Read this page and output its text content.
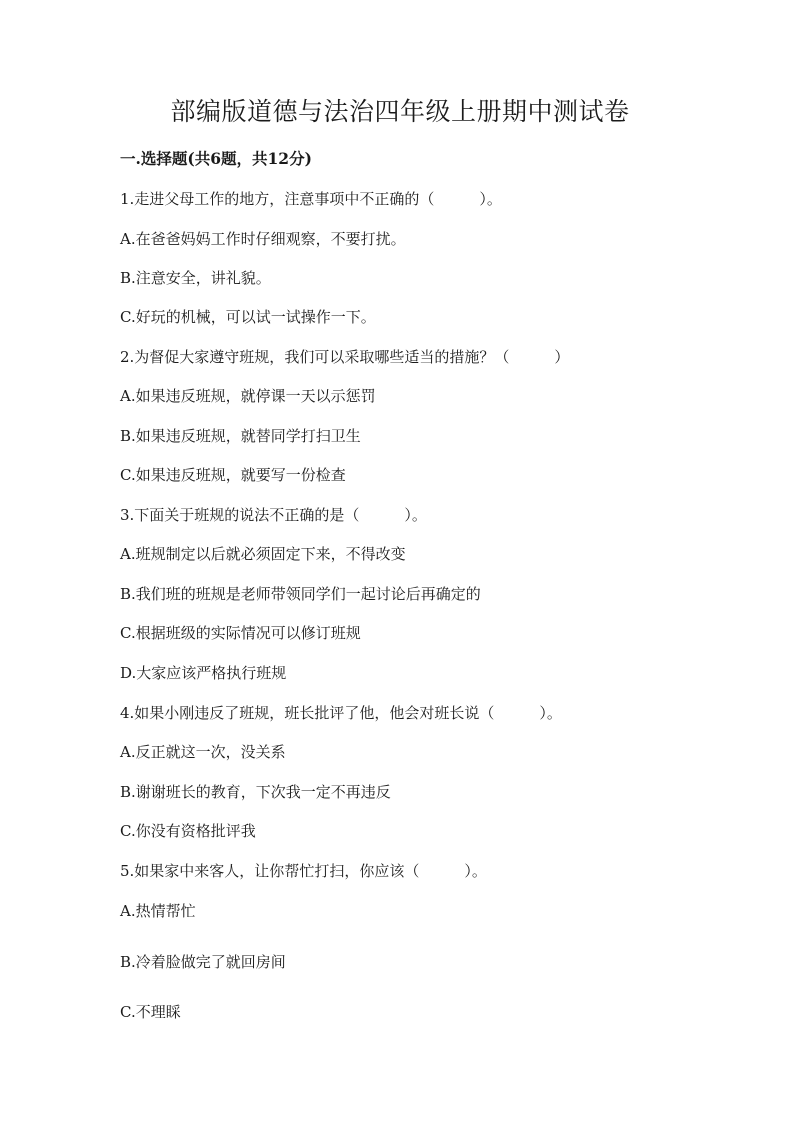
部编版道德与法治四年级上册期中测试卷
一.选择题(共6题，共12分)
1.走进父母工作的地方，注意事项中不正确的（　　　）。
A.在爸爸妈妈工作时仔细观察，不要打扰。
B.注意安全，讲礼貌。
C.好玩的机械，可以试一试操作一下。
2.为督促大家遵守班规，我们可以采取哪些适当的措施？（　　　）
A.如果违反班规，就停课一天以示惩罚
B.如果违反班规，就替同学打扫卫生
C.如果违反班规，就要写一份检查
3.下面关于班规的说法不正确的是（　　　）。
A.班规制定以后就必须固定下来，不得改变
B.我们班的班规是老师带领同学们一起讨论后再确定的
C.根据班级的实际情况可以修订班规
D.大家应该严格执行班规
4.如果小刚违反了班规，班长批评了他，他会对班长说（　　　）。
A.反正就这一次，没关系
B.谢谢班长的教育，下次我一定不再违反
C.你没有资格批评我
5.如果家中来客人，让你帮忙打扫，你应该（　　　）。
A.热情帮忙
B.冷着脸做完了就回房间
C.不理睬
